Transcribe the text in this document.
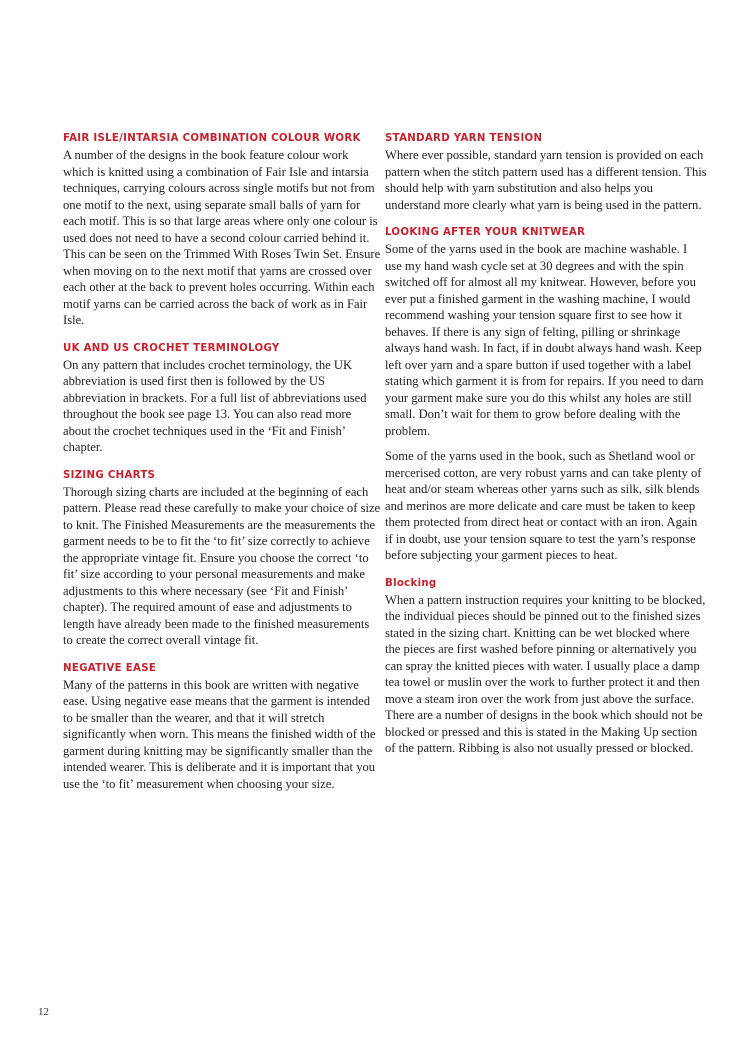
FAIR ISLE/INTARSIA COMBINATION COLOUR WORK

A number of the designs in the book feature colour work which is knitted using a combination of Fair Isle and intarsia techniques, carrying colours across single motifs but not from one motif to the next, using separate small balls of yarn for each motif. This is so that large areas where only one colour is used does not need to have a second colour carried behind it. This can be seen on the Trimmed With Roses Twin Set. Ensure when moving on to the next motif that yarns are crossed over each other at the back to prevent holes occurring. Within each motif yarns can be carried across the back of work as in Fair Isle.

UK AND US CROCHET TERMINOLOGY

On any pattern that includes crochet terminology, the UK abbreviation is used first then is followed by the US abbreviation in brackets. For a full list of abbreviations used throughout the book see page 13. You can also read more about the crochet techniques used in the ‘Fit and Finish’ chapter.

SIZING CHARTS

Thorough sizing charts are included at the beginning of each pattern. Please read these carefully to make your choice of size to knit. The Finished Measurements are the measurements the garment needs to be to fit the ‘to fit’ size correctly to achieve the appropriate vintage fit. Ensure you choose the correct ‘to fit’ size according to your personal measurements and make adjustments to this where necessary (see ‘Fit and Finish’ chapter). The required amount of ease and adjustments to length have already been made to the finished measurements to create the correct overall vintage fit.

NEGATIVE EASE

Many of the patterns in this book are written with negative ease. Using negative ease means that the garment is intended to be smaller than the wearer, and that it will stretch significantly when worn. This means the finished width of the garment during knitting may be significantly smaller than the intended wearer. This is deliberate and it is important that you use the ‘to fit’ measurement when choosing your size.

STANDARD YARN TENSION

Where ever possible, standard yarn tension is provided on each pattern when the stitch pattern used has a different tension. This should help with yarn substitution and also helps you understand more clearly what yarn is being used in the pattern.

LOOKING AFTER YOUR KNITWEAR

Some of the yarns used in the book are machine washable. I use my hand wash cycle set at 30 degrees and with the spin switched off for almost all my knitwear. However, before you ever put a finished garment in the washing machine, I would recommend washing your tension square first to see how it behaves. If there is any sign of felting, pilling or shrinkage always hand wash. In fact, if in doubt always hand wash. Keep left over yarn and a spare button if used together with a label stating which garment it is from for repairs. If you need to darn your garment make sure you do this whilst any holes are still small. Don’t wait for them to grow before dealing with the problem.

Some of the yarns used in the book, such as Shetland wool or mercerised cotton, are very robust yarns and can take plenty of heat and/or steam whereas other yarns such as silk, silk blends and merinos are more delicate and care must be taken to keep them protected from direct heat or contact with an iron. Again if in doubt, use your tension square to test the yarn’s response before subjecting your garment pieces to heat.

Blocking

When a pattern instruction requires your knitting to be blocked, the individual pieces should be pinned out to the finished sizes stated in the sizing chart. Knitting can be wet blocked where the pieces are first washed before pinning or alternatively you can spray the knitted pieces with water. I usually place a damp tea towel or muslin over the work to further protect it and then move a steam iron over the work from just above the surface. There are a number of designs in the book which should not be blocked or pressed and this is stated in the Making Up section of the pattern. Ribbing is also not usually pressed or blocked.

12
